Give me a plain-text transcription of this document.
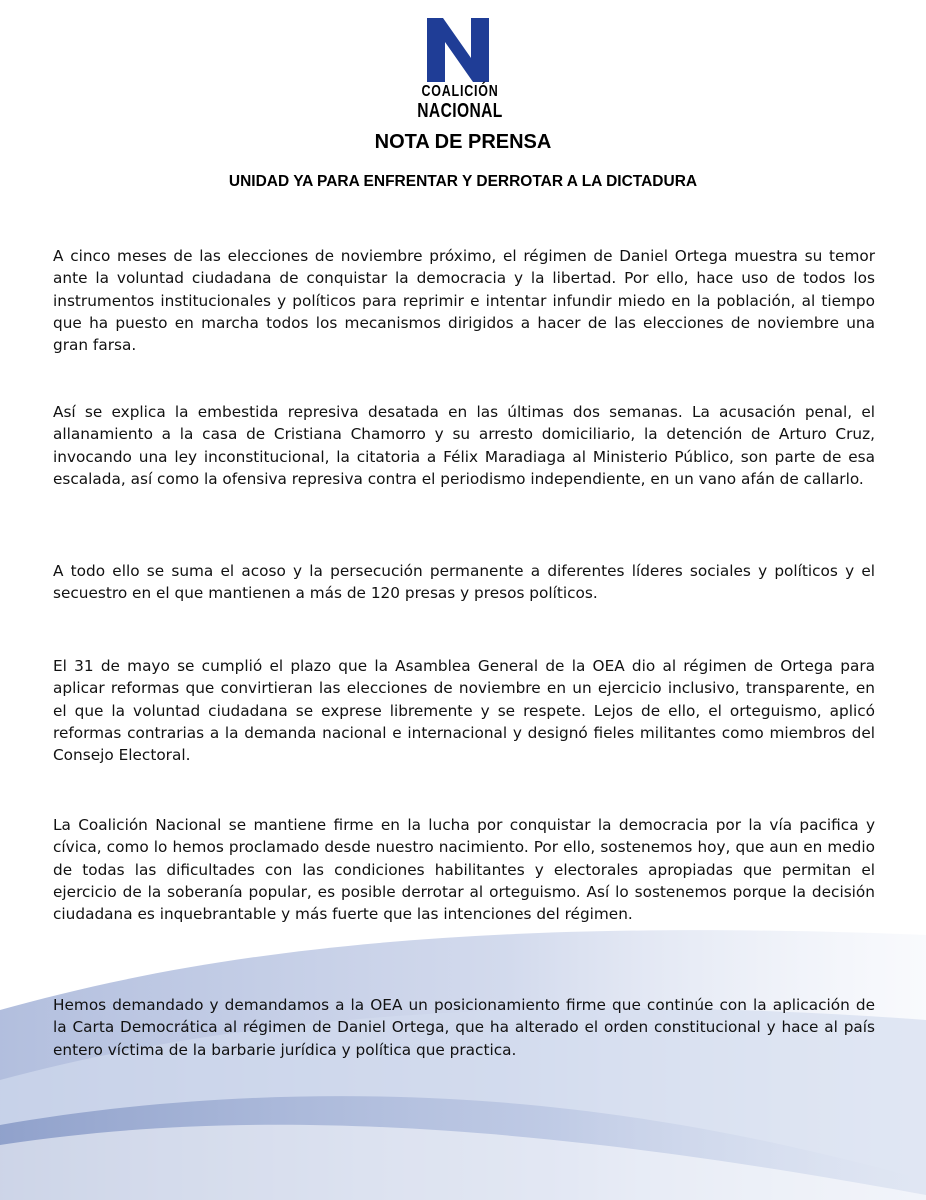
COALICIÓN
NACIONAL
NOTA DE PRENSA
UNIDAD YA PARA ENFRENTAR Y DERROTAR A LA DICTADURA

A cinco meses de las elecciones de noviembre próximo, el régimen de Daniel Ortega muestra su temor ante la voluntad ciudadana de conquistar la democracia y la libertad. Por ello, hace uso de todos los instrumentos institucionales y políticos para reprimir e intentar infundir miedo en la población, al tiempo que ha puesto en marcha todos los mecanismos dirigidos a hacer de las elecciones de noviembre una gran farsa.

Así se explica la embestida represiva desatada en las últimas dos semanas. La acusación penal, el allanamiento a la casa de Cristiana Chamorro y su arresto domiciliario, la detención de Arturo Cruz, invocando una ley inconstitucional, la citatoria a Félix Maradiaga al Ministerio Público, son parte de esa escalada, así como la ofensiva represiva contra el periodismo independiente, en un vano afán de callarlo.

A todo ello se suma el acoso y la persecución permanente a diferentes líderes sociales y políticos y el secuestro en el que mantienen a más de 120 presas y presos políticos.

El 31 de mayo se cumplió el plazo que la Asamblea General de la OEA dio al régimen de Ortega para aplicar reformas que convirtieran las elecciones de noviembre en un ejercicio inclusivo, transparente, en el que la voluntad ciudadana se exprese libremente y se respete. Lejos de ello, el orteguismo, aplicó reformas contrarias a la demanda nacional e internacional y designó fieles militantes como miembros del Consejo Electoral.

La Coalición Nacional se mantiene firme en la lucha por conquistar la democracia por la vía pacifica y cívica, como lo hemos proclamado desde nuestro nacimiento. Por ello, sostenemos hoy, que aun en medio de todas las dificultades con las condiciones habilitantes y electorales apropiadas que permitan el ejercicio de la soberanía popular, es posible derrotar al orteguismo. Así lo sostenemos porque la decisión ciudadana es inquebrantable y más fuerte que las intenciones del régimen.

Hemos demandado y demandamos a la OEA un posicionamiento firme que continúe con la aplicación de la Carta Democrática al régimen de Daniel Ortega, que ha alterado el orden constitucional y hace al país entero víctima de la barbarie jurídica y política que practica.
